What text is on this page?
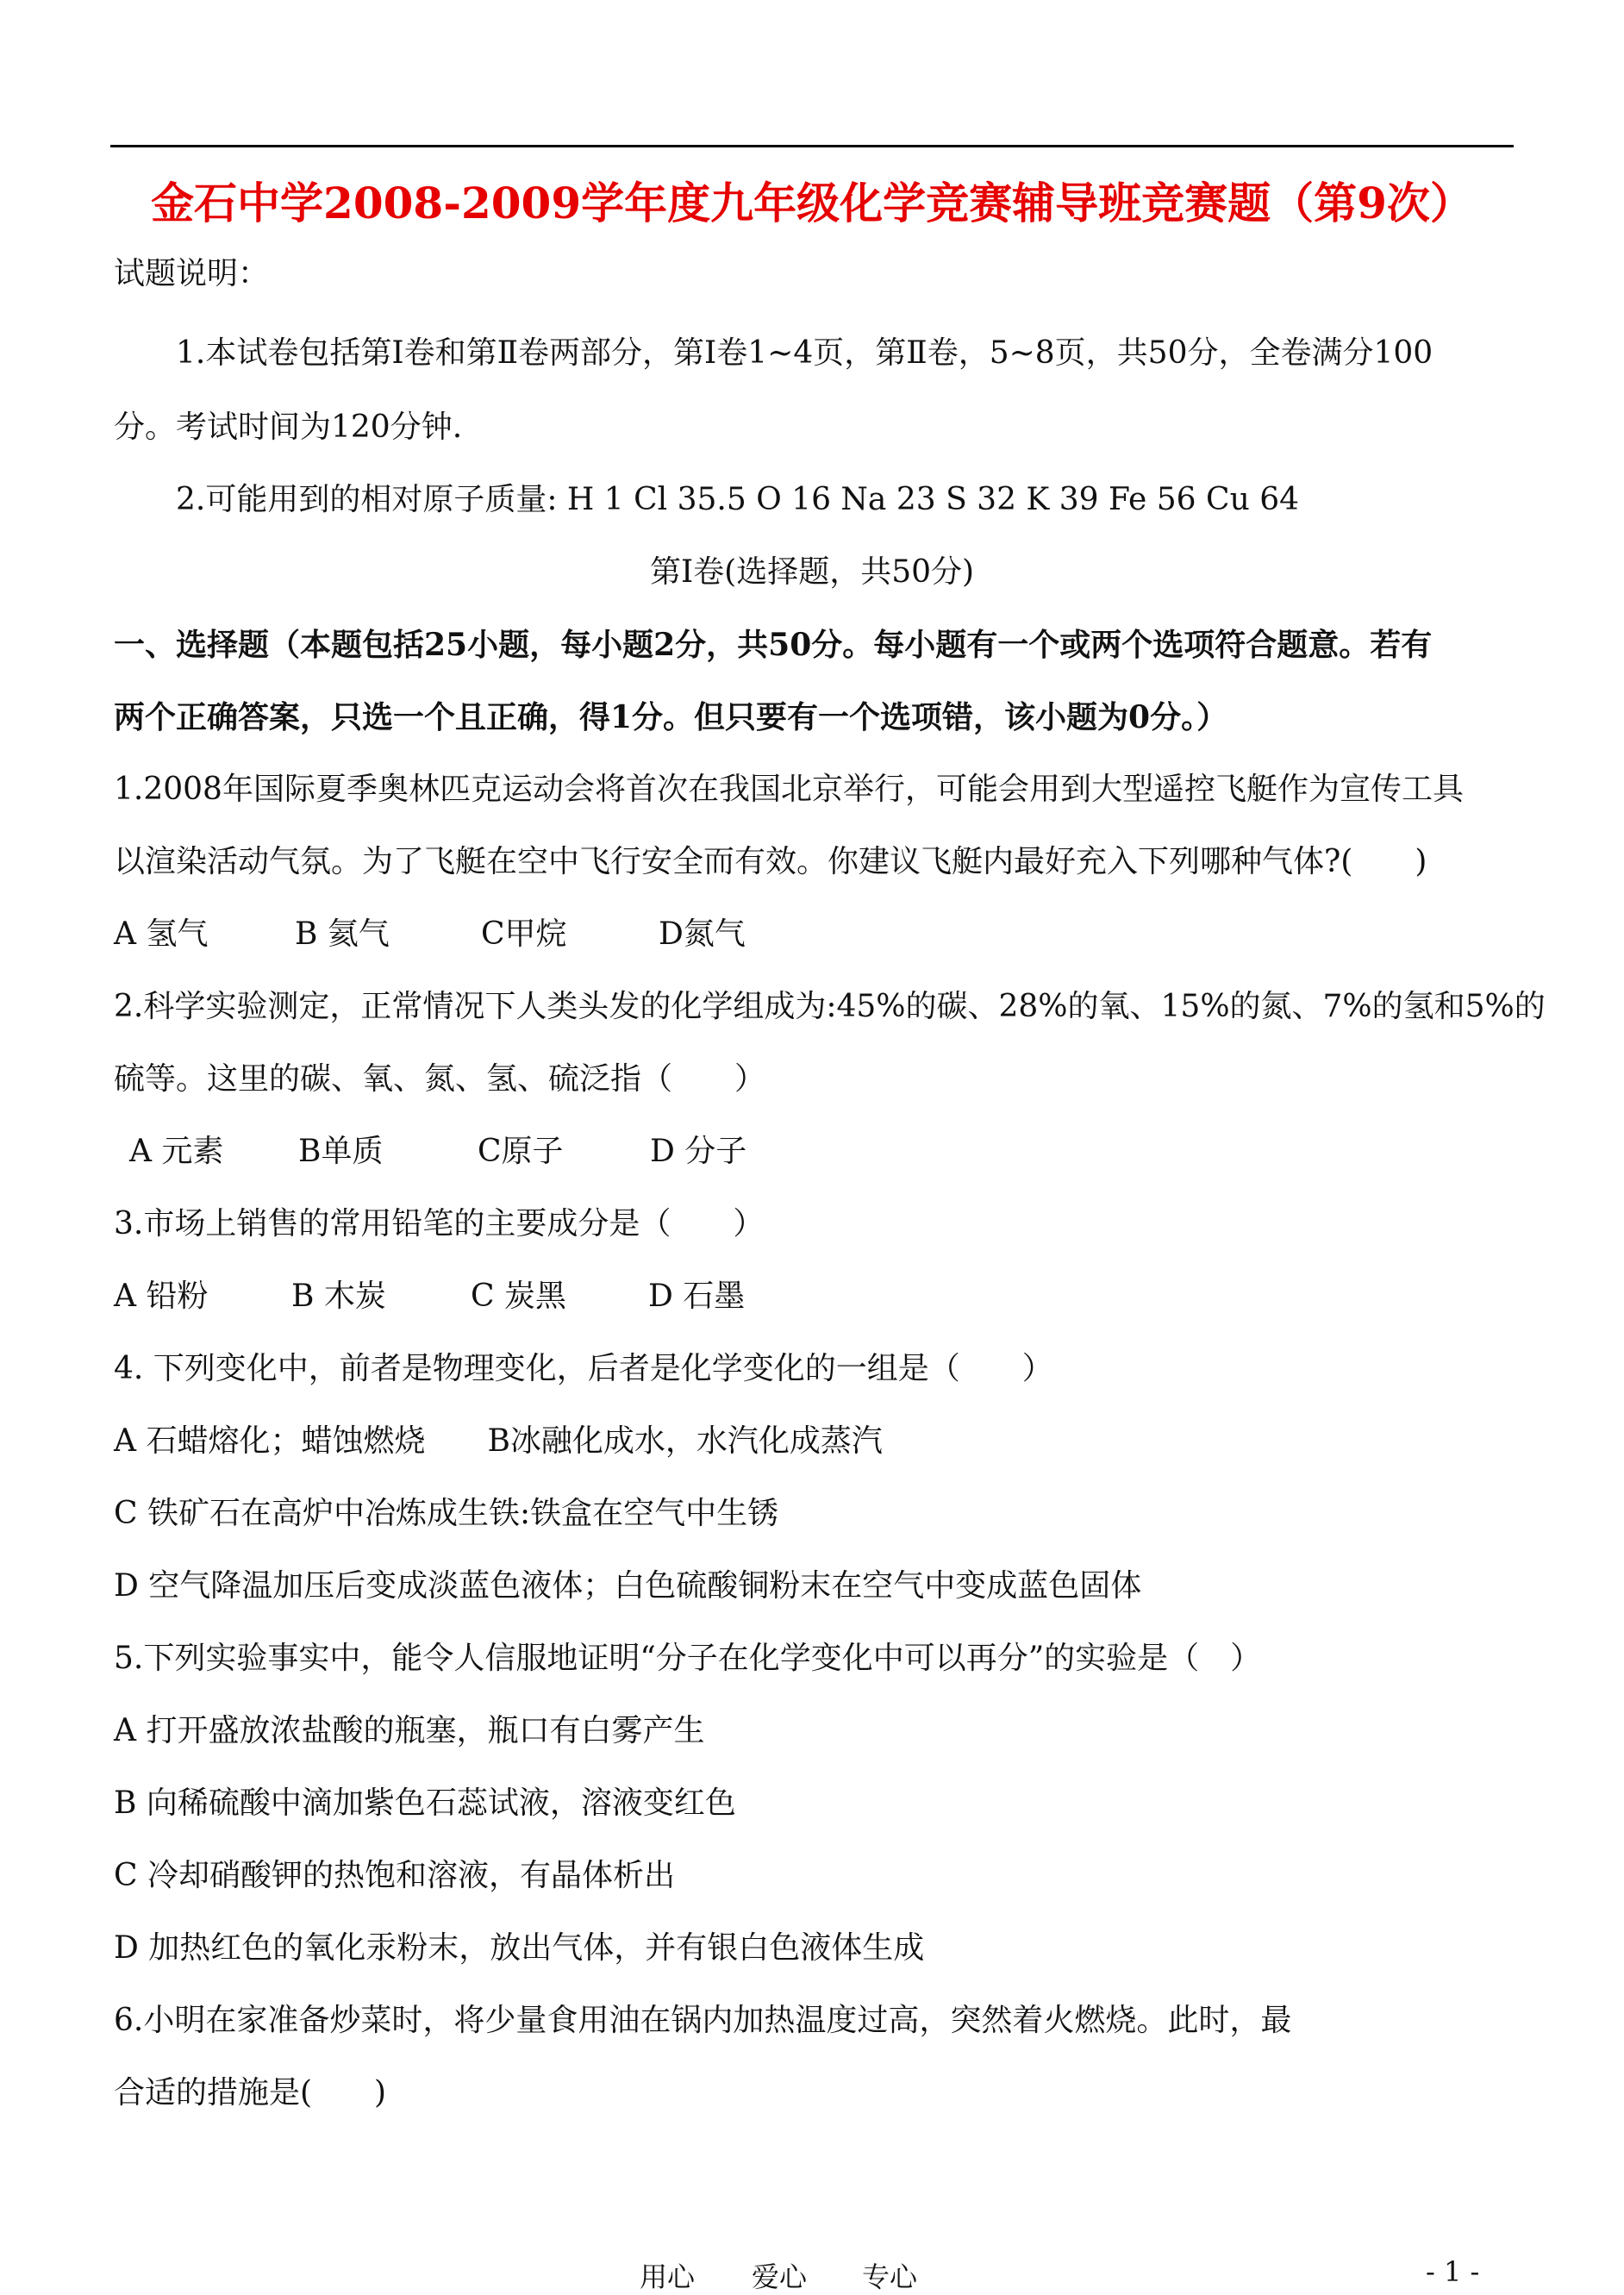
金石中学2008-2009学年度九年级化学竞赛辅导班竞赛题（第9次）
试题说明：
1.本试卷包括第Ⅰ卷和第Ⅱ卷两部分，第Ⅰ卷1~4页，第Ⅱ卷，5~8页，共50分，全卷满分100
分。考试时间为120分钟.
2.可能用到的相对原子质量: H 1 Cl 35.5 O 16 Na 23 S 32 K 39 Fe 56 Cu 64
第Ⅰ卷(选择题，共50分)
一、选择题（本题包括25小题，每小题2分，共50分。每小题有一个或两个选项符合题意。若有
两个正确答案，只选一个且正确，得1分。但只要有一个选项错，该小题为0分。）
1.2008年国际夏季奥林匹克运动会将首次在我国北京举行，可能会用到大型遥控飞艇作为宣传工具
以渲染活动气氛。为了飞艇在空中飞行安全而有效。你建议飞艇内最好充入下列哪种气体?(　　)
A 氢气	B 氦气	C甲烷	D氮气
2.科学实验测定，正常情况下人类头发的化学组成为:45%的碳、28%的氧、15%的氮、7%的氢和5%的
硫等。这里的碳、氧、氮、氢、硫泛指（　　）
A 元素 B单质	C原子	D 分子
3.市场上销售的常用铅笔的主要成分是（　　）
A 铅粉	B 木炭	C 炭黑	D 石墨
4. 下列变化中，前者是物理变化，后者是化学变化的一组是（　　）
A 石蜡熔化；蜡蚀燃烧　　B冰融化成水，水汽化成蒸汽
C 铁矿石在高炉中冶炼成生铁:铁盒在空气中生锈
D 空气降温加压后变成淡蓝色液体；白色硫酸铜粉末在空气中变成蓝色固体
5.下列实验事实中，能令人信服地证明“分子在化学变化中可以再分”的实验是（　）
A 打开盛放浓盐酸的瓶塞，瓶口有白雾产生
B 向稀硫酸中滴加紫色石蕊试液，溶液变红色
C 冷却硝酸钾的热饱和溶液，有晶体析出
D 加热红色的氧化汞粉末，放出气体，并有银白色液体生成
6.小明在家准备炒菜时，将少量食用油在锅内加热温度过高，突然着火燃烧。此时，最
合适的措施是(　　)
用心 爱心 专心	- 1 -
